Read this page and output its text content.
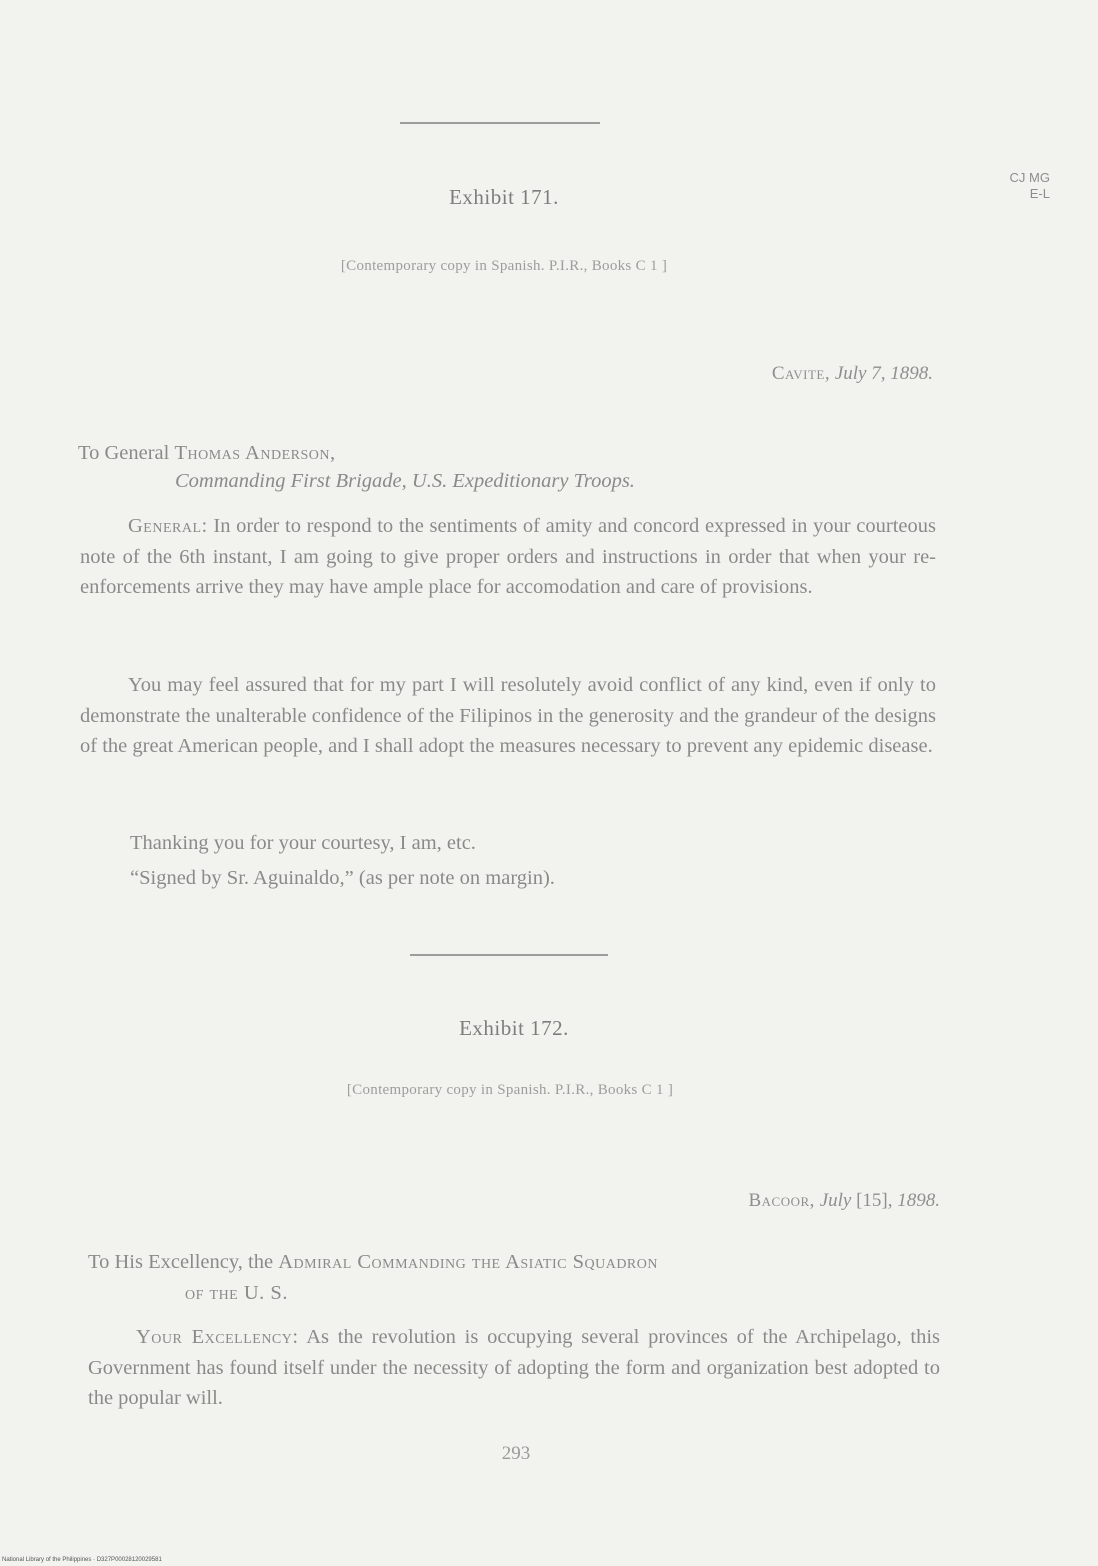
CJ MG
E-L
Exhibit 171.
[Contemporary copy in Spanish. P.I.R., Books C 1 ]
Cavite, July 7, 1898.
To General Thomas Anderson,
Commanding First Brigade, U.S. Expeditionary Troops.
General: In order to respond to the sentiments of amity and concord expressed in your courteous note of the 6th instant, I am going to give proper orders and instructions in order that when your re-enforcements arrive they may have ample place for accomodation and care of provisions.
You may feel assured that for my part I will resolutely avoid conflict of any kind, even if only to demonstrate the unalterable confidence of the Filipinos in the generosity and the grandeur of the designs of the great American people, and I shall adopt the measures necessary to prevent any epidemic disease.
Thanking you for your courtesy, I am, etc.
“Signed by Sr. Aguinaldo,” (as per note on margin).
Exhibit 172.
[Contemporary copy in Spanish. P.I.R., Books C 1 ]
Bacoor, July [15], 1898.
To His Excellency, the Admiral Commanding the Asiatic Squadron
of the U. S.
Your Excellency: As the revolution is occupying several provinces of the Archipelago, this Government has found itself under the necessity of adopting the form and organization best adopted to the popular will.
293
National Library of the Philippines · D327P00028120029581
